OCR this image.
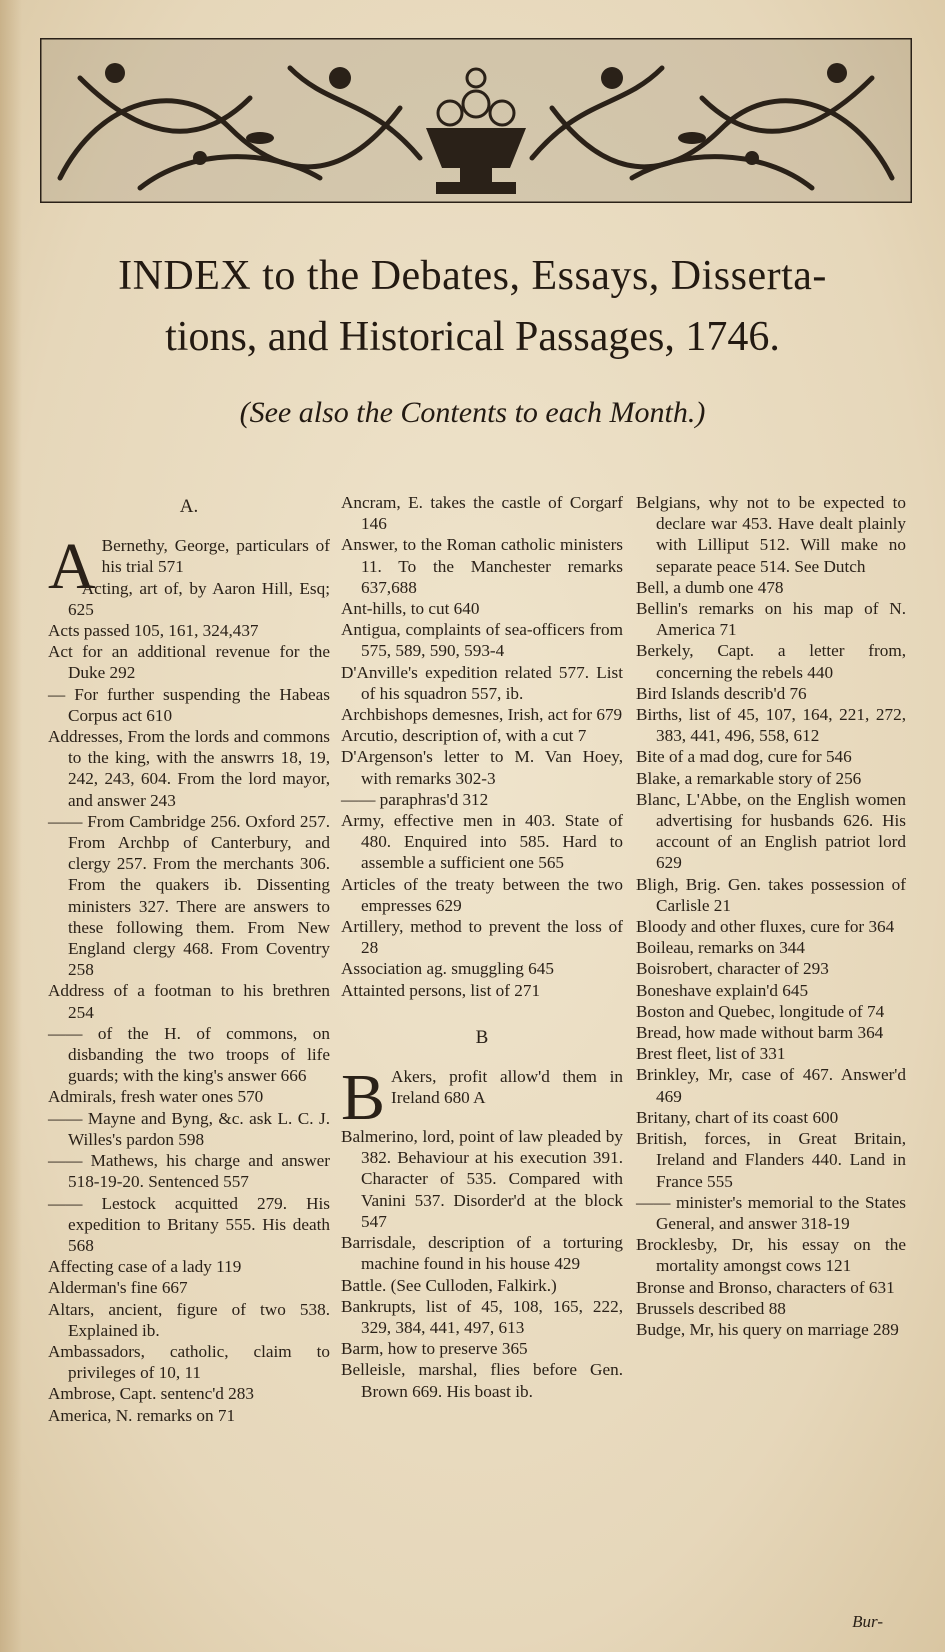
INDEX to the Debates, Essays, Disserta-
tions, and Historical Passages, 1746.
(See also the Contents to each Month.)
A.
A Bernethy, George, particulars of his trial 571
Acting, art of, by Aaron Hill, Esq; 625
Acts passed 105, 161, 324,437
Act for an additional revenue for the Duke 292
— For further suspending the Habeas Corpus act 610
Addresses, From the lords and commons to the king, with the answrrs 18, 19, 242, 243, 604. From the lord mayor, and answer 243
—— From Cambridge 256. Oxford 257. From Archbp of Canterbury, and clergy 257. From the merchants 306. From the quakers ib. Dissenting ministers 327. There are answers to these following them. From New England clergy 468. From Coventry 258
Address of a footman to his brethren 254
—— of the H. of commons, on disbanding the two troops of life guards; with the king's answer 666
Admirals, fresh water ones 570
—— Mayne and Byng, &c. ask L. C. J. Willes's pardon 598
—— Mathews, his charge and answer 518-19-20. Sentenced 557
—— Lestock acquitted 279. His expedition to Britany 555. His death 568
Affecting case of a lady 119
Alderman's fine 667
Altars, ancient, figure of two 538. Explained ib.
Ambassadors, catholic, claim to privileges of 10, 11
Ambrose, Capt. sentenc'd 283
America, N. remarks on 71
Ancram, E. takes the castle of Corgarf 146
Answer, to the Roman catholic ministers 11. To the Manchester remarks 637,688
Ant-hills, to cut 640
Antigua, complaints of sea-officers from 575, 589, 590, 593-4
D'Anville's expedition related 577. List of his squadron 557, ib.
Archbishops demesnes, Irish, act for 679
Arcutio, description of, with a cut 7
D'Argenson's letter to M. Van Hoey, with remarks 302-3
—— paraphras'd 312
Army, effective men in 403. State of 480. Enquired into 585. Hard to assemble a sufficient one 565
Articles of the treaty between the two empresses 629
Artillery, method to prevent the loss of 28
Association ag. smuggling 645
Attainted persons, list of 271
B
B Akers, profit allow'd them in Ireland 680 A
Balmerino, lord, point of law pleaded by 382. Behaviour at his execution 391. Character of 535. Compared with Vanini 537. Disorder'd at the block 547
Barrisdale, description of a torturing machine found in his house 429
Battle. (See Culloden, Falkirk.)
Bankrupts, list of 45, 108, 165, 222, 329, 384, 441, 497, 613
Barm, how to preserve 365
Belleisle, marshal, flies before Gen. Brown 669. His boast ib.
Belgians, why not to be expected to declare war 453. Have dealt plainly with Lilliput 512. Will make no separate peace 514. See Dutch
Bell, a dumb one 478
Bellin's remarks on his map of N. America 71
Berkely, Capt. a letter from, concerning the rebels 440
Bird Islands describ'd 76
Births, list of 45, 107, 164, 221, 272, 383, 441, 496, 558, 612
Bite of a mad dog, cure for 546
Blake, a remarkable story of 256
Blanc, L'Abbe, on the English women advertising for husbands 626. His account of an English patriot lord 629
Bligh, Brig. Gen. takes possession of Carlisle 21
Bloody and other fluxes, cure for 364
Boileau, remarks on 344
Boisrobert, character of 293
Boneshave explain'd 645
Boston and Quebec, longitude of 74
Bread, how made without barm 364
Brest fleet, list of 331
Brinkley, Mr, case of 467. Answer'd 469
Britany, chart of its coast 600
British, forces, in Great Britain, Ireland and Flanders 440. Land in France 555
—— minister's memorial to the States General, and answer 318-19
Brocklesby, Dr, his essay on the mortality amongst cows 121
Bronse and Bronso, characters of 631
Brussels described 88
Budge, Mr, his query on marriage 289
Bur-
